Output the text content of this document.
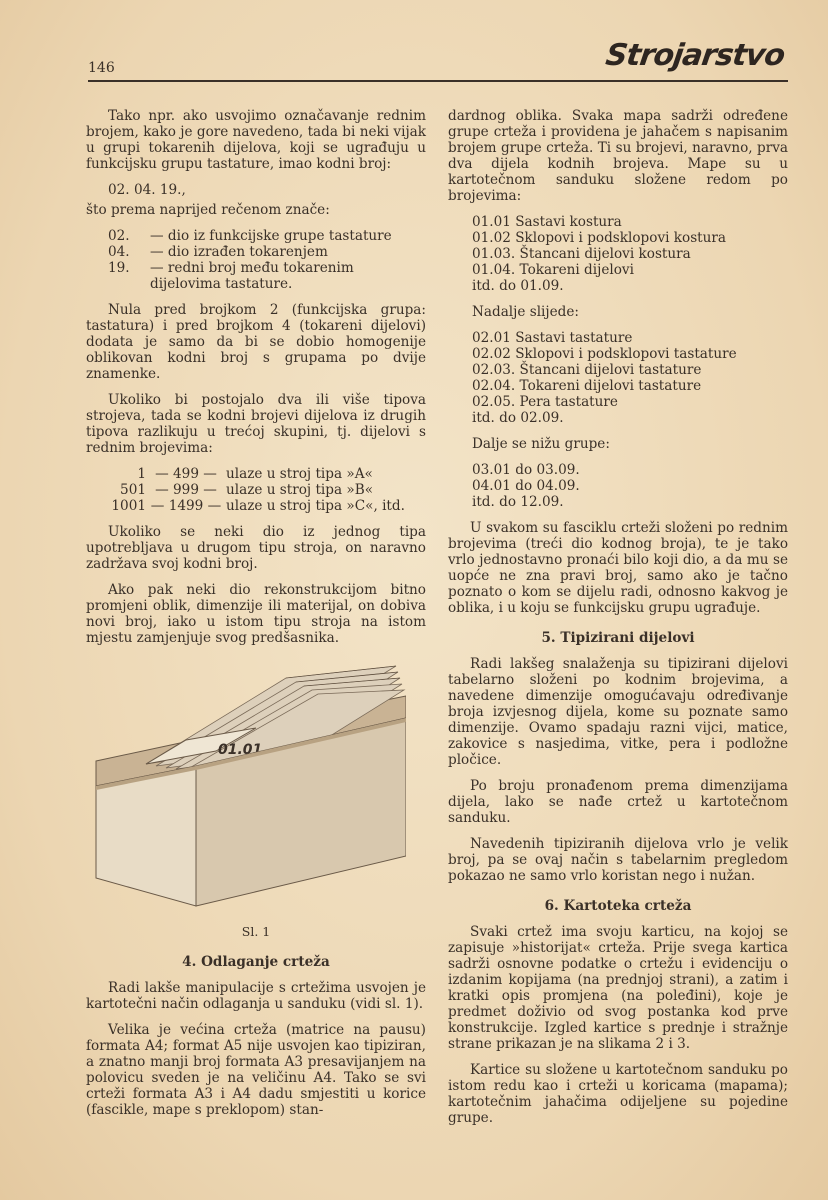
146	Strojarstvo

Tako npr. ako usvojimo označavanje rednim brojem, kako je gore navedeno, tada bi neki vijak u grupi tokarenih dijelova, koji se ugrađuju u funkcijsku grupu tastature, imao kodni broj:

02. 04. 19.,

što prema naprijed rečenom znače:

02.	— dio iz funkcijske grupe tastature
04.	— dio izrađen tokarenjem
19.	— redni broj među tokarenim dijelovima tastature.

Nula pred brojkom 2 (funkcijska grupa: tastatura) i pred brojkom 4 (tokareni dijelovi) dodata je samo da bi se dobio homogenije oblikovan kodni broj s grupama po dvije znamenke.

Ukoliko bi postojalo dva ili više tipova strojeva, tada se kodni brojevi dijelova iz drugih tipova razlikuju u trećoj skupini, tj. dijelovi s rednim brojevima:

1 — 499 — ulaze u stroj tipa »A«
501 — 999 — ulaze u stroj tipa »B«
1001 — 1499 — ulaze u stroj tipa »C«, itd.

Ukoliko se neki dio iz jednog tipa upotrebljava u drugom tipu stroja, on naravno zadržava svoj kodni broj.

Ako pak neki dio rekonstrukcijom bitno promjeni oblik, dimenzije ili materijal, on dobiva novi broj, iako u istom tipu stroja na istom mjestu zamjenjuje svog predšasnika.

01.01
Sl. 1
4. Odlaganje crteža

Radi lakše manipulacije s crtežima usvojen je kartotečni način odlaganja u sanduku (vidi sl. 1).

Velika je većina crteža (matrice na pausu) formata A4; format A5 nije usvojen kao tipiziran, a znatno manji broj formata A3 presavijanjem na polovicu sveden je na veličinu A4. Tako se svi crteži formata A3 i A4 dadu smjestiti u korice (fascikle, mape s preklopom) stan-

dardnog oblika. Svaka mapa sadrži određene grupe crteža i providena je jahačem s napisanim brojem grupe crteža. Ti su brojevi, naravno, prva dva dijela kodnih brojeva. Mape su u kartotečnom sanduku složene redom po brojevima:

01.01 Sastavi kostura
01.02 Sklopovi i podsklopovi kostura
01.03. Štancani dijelovi kostura
01.04. Tokareni dijelovi
itd. do 01.09.

Nadalje slijede:

02.01 Sastavi tastature
02.02 Sklopovi i podsklopovi tastature
02.03. Štancani dijelovi tastature
02.04. Tokareni dijelovi tastature
02.05. Pera tastature
itd. do 02.09.

Dalje se nižu grupe:

03.01 do 03.09.
04.01 do 04.09.
itd. do 12.09.

U svakom su fasciklu crteži složeni po rednim brojevima (treći dio kodnog broja), te je tako vrlo jednostavno pronaći bilo koji dio, a da mu se uopće ne zna pravi broj, samo ako je tačno poznato o kom se dijelu radi, odnosno kakvog je oblika, i u koju se funkcijsku grupu ugrađuje.

5. Tipizirani dijelovi

Radi lakšeg snalaženja su tipizirani dijelovi tabelarno složeni po kodnim brojevima, a navedene dimenzije omogućavaju određivanje broja izvjesnog dijela, kome su poznate samo dimenzije. Ovamo spadaju razni vijci, matice, zakovice s nasjedima, vitke, pera i podložne pločice.

Po broju pronađenom prema dimenzijama dijela, lako se nađe crtež u kartotečnom sanduku.

Navedenih tipiziranih dijelova vrlo je velik broj, pa se ovaj način s tabelarnim pregledom pokazao ne samo vrlo koristan nego i nužan.

6. Kartoteka crteža

Svaki crtež ima svoju karticu, na kojoj se zapisuje »historijat« crteža. Prije svega kartica sadrži osnovne podatke o crtežu i evidenciju o izdanim kopijama (na prednjoj strani), a zatim i kratki opis promjena (na poleđini), koje je predmet doživio od svog postanka kod prve konstrukcije. Izgled kartice s prednje i stražnje strane prikazan je na slikama 2 i 3.

Kartice su složene u kartotečnom sanduku po istom redu kao i crteži u koricama (mapama); kartotečnim jahačima odijeljene su pojedine grupe.
